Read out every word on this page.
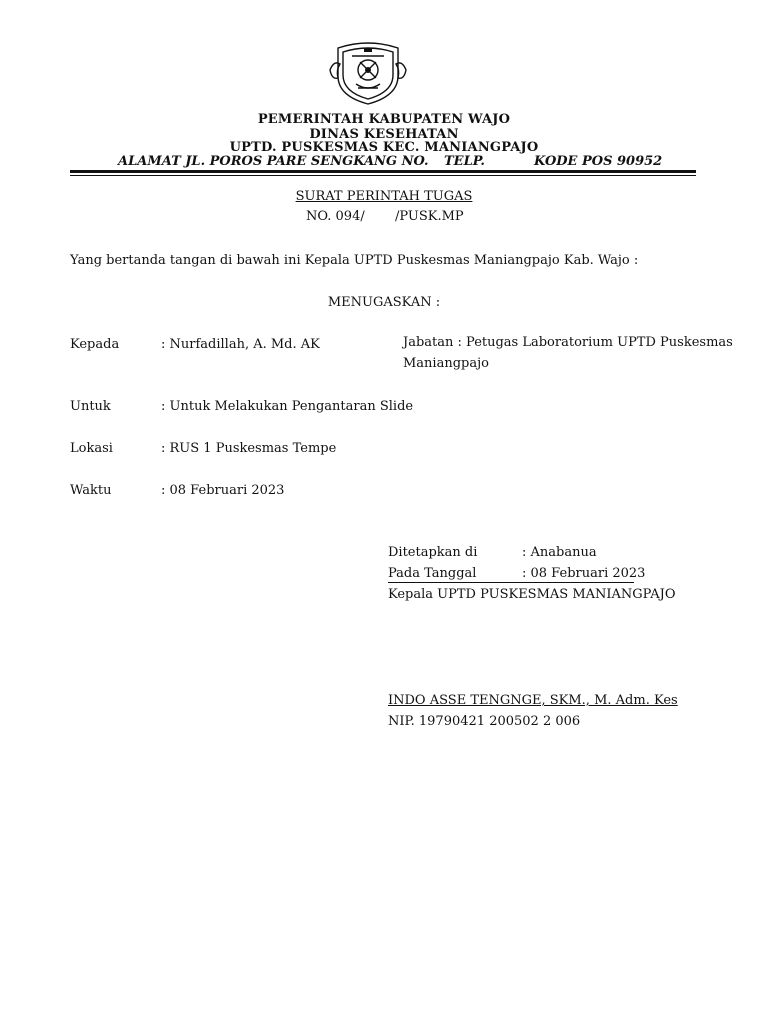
PEMERINTAH KABUPATEN WAJO
DINAS KESEHATAN
UPTD. PUSKESMAS KEC. MANIANGPAJO
ALAMAT JL. POROS PARE SENGKANG NO. TELP.	KODE POS 90952
SURAT PERINTAH TUGAS
NO. 094/ /PUSK.MP
Yang bertanda tangan di bawah ini Kepala UPTD Puskesmas Maniangpajo Kab. Wajo :
MENUGASKAN :
Kepada	: Nurfadillah, A. Md. AK	Jabatan : Petugas Laboratorium UPTD Puskesmas
Maniangpajo
Untuk	: Untuk Melakukan Pengantaran Slide
Lokasi	: RUS 1 Puskesmas Tempe
Waktu	: 08 Februari 2023
Ditetapkan di	: Anabanua
Pada Tanggal	: 08 Februari 2023
Kepala UPTD PUSKESMAS MANIANGPAJO
INDO ASSE TENGNGE, SKM., M. Adm. Kes
NIP. 19790421 200502 2 006
